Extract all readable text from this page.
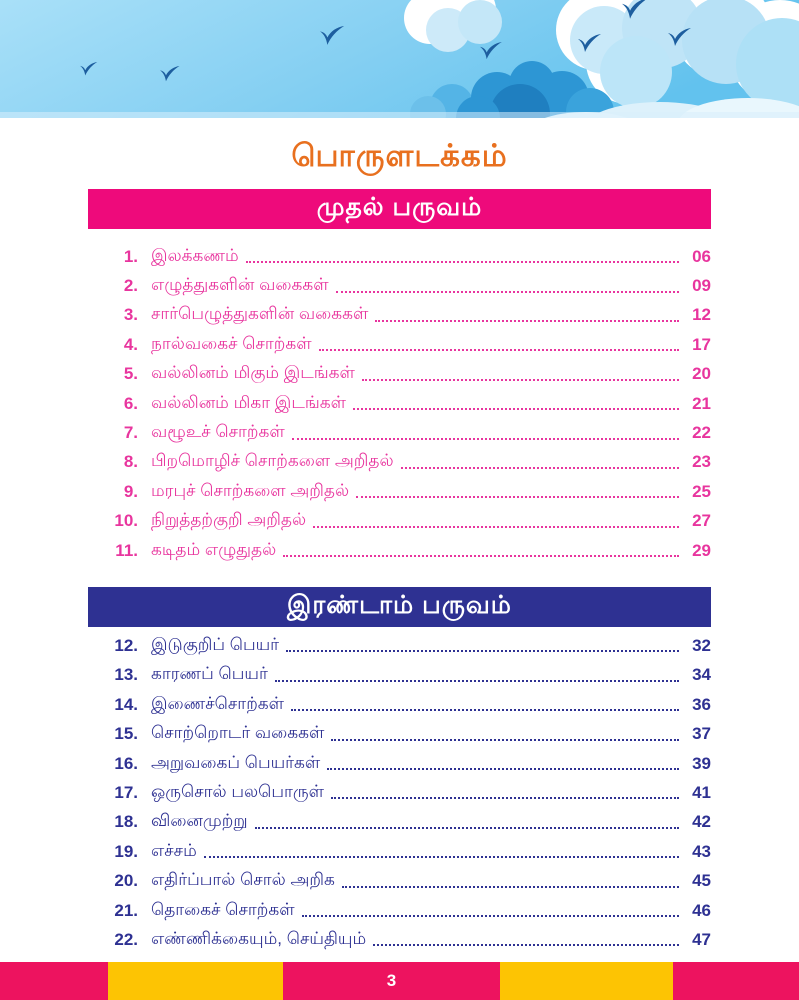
பொருளடக்கம்
முதல் பருவம்
1. இலக்கணம்	06
2. எழுத்துகளின் வகைகள்	09
3. சார்பெழுத்துகளின் வகைகள்	12
4. நால்வகைச் சொற்கள்	17
5. வல்லினம் மிகும் இடங்கள்	20
6. வல்லினம் மிகா இடங்கள்	21
7. வழூஉச் சொற்கள்	22
8. பிறமொழிச் சொற்களை அறிதல்	23
9. மரபுச் சொற்களை அறிதல்	25
10. நிறுத்தற்குறி அறிதல்	27
11. கடிதம் எழுதுதல்	29
இரண்டாம் பருவம்
12. இடுகுறிப் பெயர்	32
13. காரணப் பெயர்	34
14. இணைச்சொற்கள்	36
15. சொற்றொடர் வகைகள்	37
16. அறுவகைப் பெயர்கள்	39
17. ஒருசொல் பலபொருள்	41
18. வினைமுற்று	42
19. எச்சம்	43
20. எதிர்ப்பால் சொல் அறிக	45
21. தொகைச் சொற்கள்	46
22. எண்ணிக்கையும், செய்தியும்	47
3
